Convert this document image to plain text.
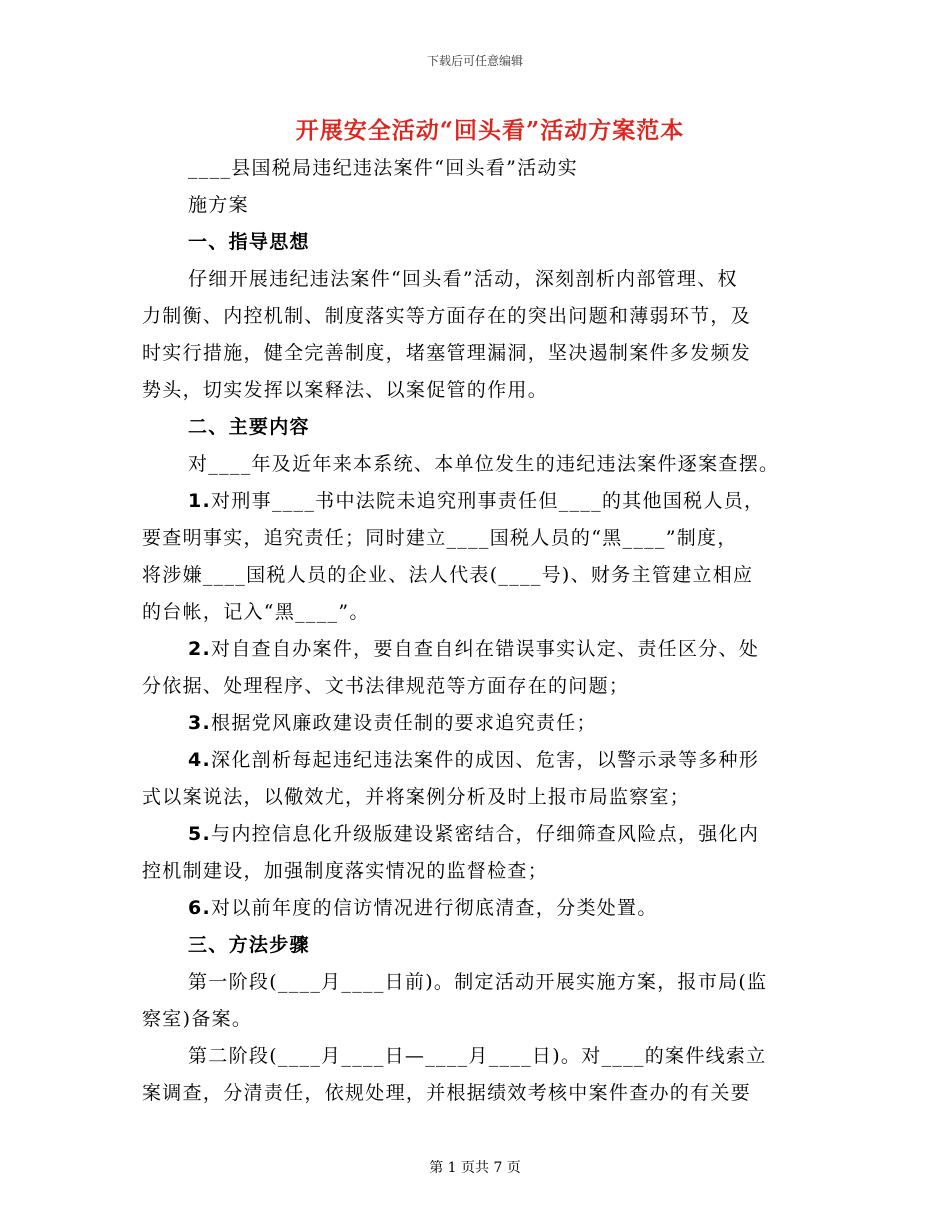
下载后可任意编辑
开展安全活动“回头看”活动方案范本
____县国税局违纪违法案件“回头看”活动实
施方案
一、指导思想
仔细开展违纪违法案件“回头看”活动，深刻剖析内部管理、权
力制衡、内控机制、制度落实等方面存在的突出问题和薄弱环节，及
时实行措施，健全完善制度，堵塞管理漏洞，坚决遏制案件多发频发
势头，切实发挥以案释法、以案促管的作用。
二、主要内容
对____年及近年来本系统、本单位发生的违纪违法案件逐案查摆。
1.对刑事____书中法院未追究刑事责任但____的其他国税人员，
要查明事实，追究责任；同时建立____国税人员的“黑____”制度，
将涉嫌____国税人员的企业、法人代表(____号)、财务主管建立相应
的台帐，记入“黑____”。
2.对自查自办案件，要自查自纠在错误事实认定、责任区分、处
分依据、处理程序、文书法律规范等方面存在的问题；
3.根据党风廉政建设责任制的要求追究责任；
4.深化剖析每起违纪违法案件的成因、危害，以警示录等多种形
式以案说法，以儆效尤，并将案例分析及时上报市局监察室；
5.与内控信息化升级版建设紧密结合，仔细筛查风险点，强化内
控机制建设，加强制度落实情况的监督检查；
6.对以前年度的信访情况进行彻底清查，分类处置。
三、方法步骤
第一阶段(____月____日前)。制定活动开展实施方案，报市局(监
察室)备案。
第二阶段(____月____日—____月____日)。对____的案件线索立
案调查，分清责任，依规处理，并根据绩效考核中案件查办的有关要
第 1 页共 7 页
